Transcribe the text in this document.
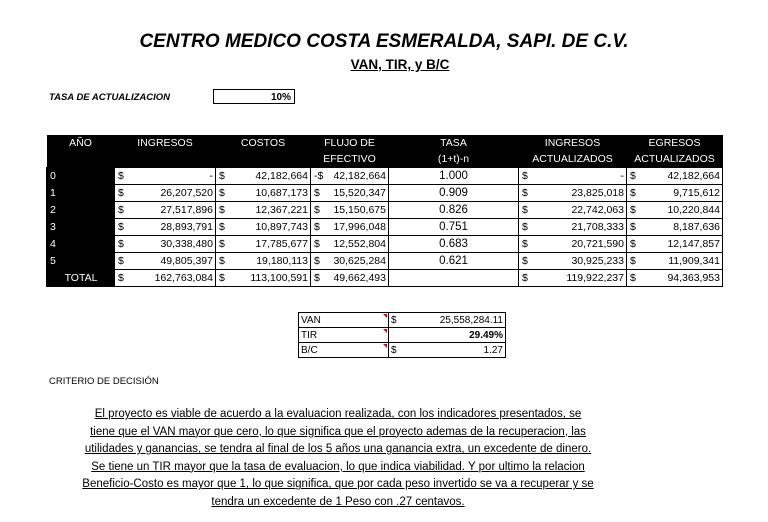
CENTRO MEDICO COSTA ESMERALDA, SAPI. DE C.V.
VAN, TIR, y B/C
TASA DE ACTUALIZACION	10%
AÑO	INGRESOS	COSTOS	FLUJO DE	TASA	INGRESOS	EGRESOS
			EFECTIVO	(1+t)-n	ACTUALIZADOS	ACTUALIZADOS
0	$ -	$ 42,182,664	-$ 42,182,664	1.000	$ -	$ 42,182,664

1	$ 26,207,520	$ 10,687,173	$ 15,520,347	0.909	$ 23,825,018	$ 9,715,612

2	$ 27,517,896	$ 12,367,221	$ 15,150,675	0.826	$ 22,742,063	$ 10,220,844

3	$ 28,893,791	$ 10,897,743	$ 17,996,048	0.751	$ 21,708,333	$ 8,187,636

4	$ 30,338,480	$ 17,785,677	$ 12,552,804	0.683	$ 20,721,590	$ 12,147,857

5	$ 49,805,397	$ 19,180,113	$ 30,625,284	0.621	$ 30,925,233	$ 11,909,341

TOTAL	$ 162,763,084	$ 113,100,591	$ 49,662,493		$ 119,922,237	$ 94,363,953
VAN	$ 25,558,284.11

TIR	29.49%

B/C	$ 1.27
CRITERIO DE DECISIÓN
El proyecto es viable de acuerdo a la evaluacion realizada, con los indicadores presentados, se
tiene que el VAN mayor que cero, lo que significa que el proyecto ademas de la recuperacion, las
utilidades y ganancias, se tendra al final de los 5 años una ganancia extra, un excedente de dinero.
Se tiene un TIR mayor que la tasa de evaluacion, lo que indica viabilidad. Y por ultimo la relacion
Beneficio-Costo es mayor que 1, lo que significa, que por cada peso invertido se va a recuperar y se
tendra un excedente de 1 Peso con .27 centavos.
